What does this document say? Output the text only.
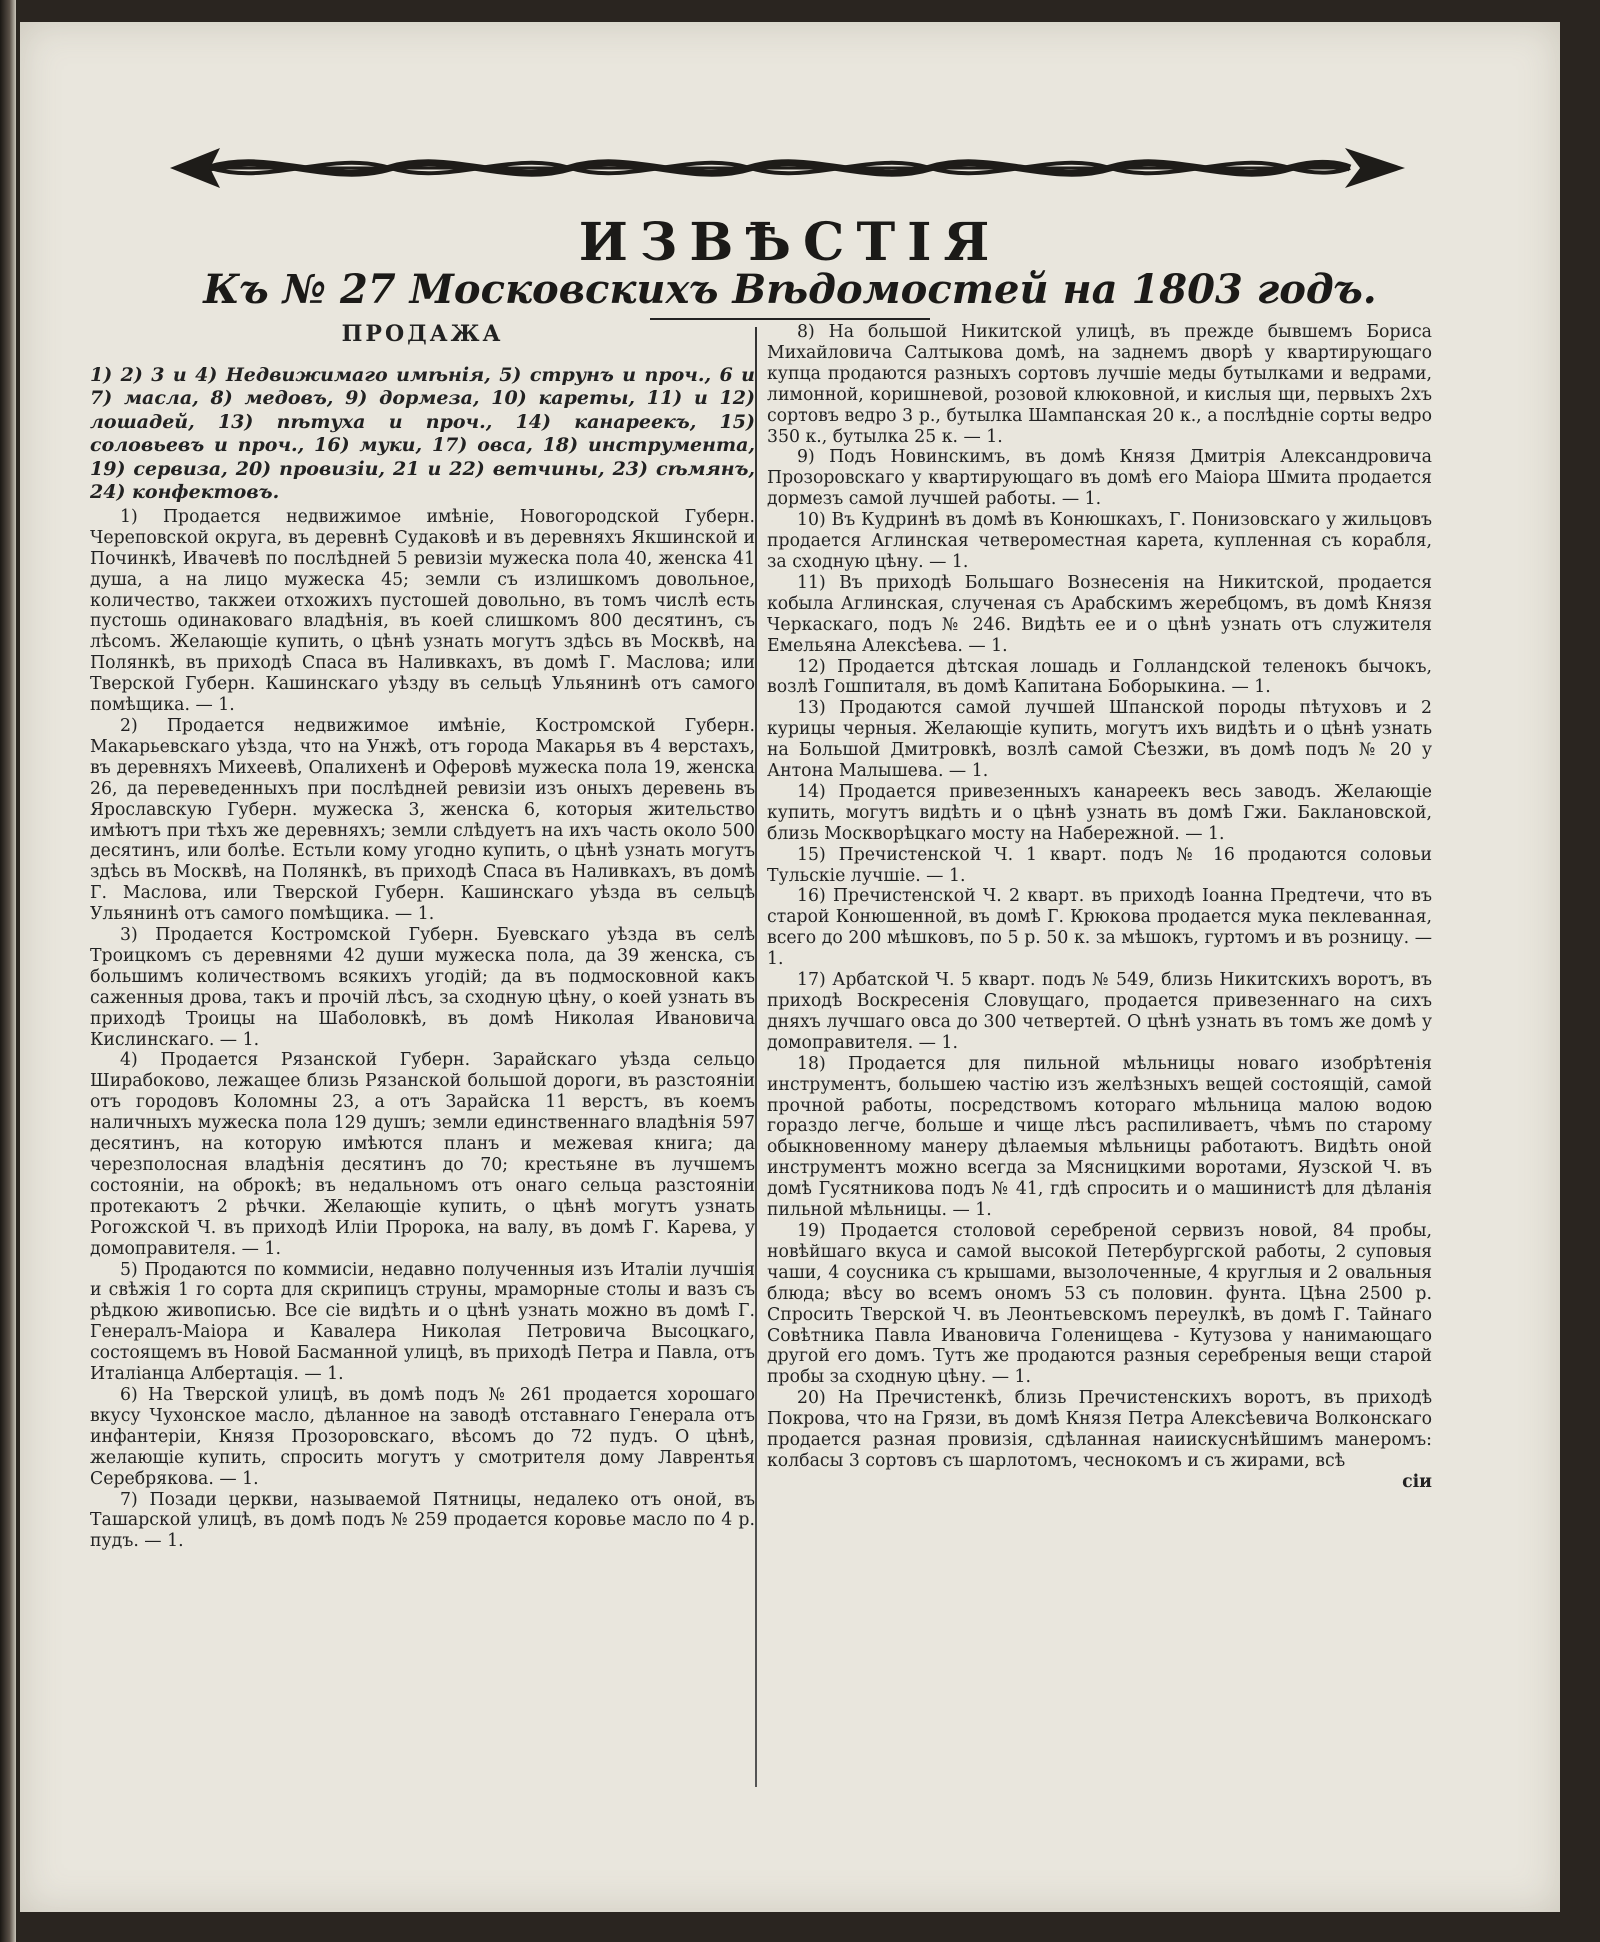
ИЗВѢСТІЯ
Къ № 27 Московскихъ Вѣдомостей на 1803 годъ.
ПРОДАЖА

1) 2) 3 и 4) Недвижимаго имѣнія, 5) струнъ и проч., 6 и 7) масла, 8) медовъ, 9) дормеза, 10) кареты, 11) и 12) лошадей, 13) пѣтуха и проч., 14) канареекъ, 15) соловьевъ и проч., 16) муки, 17) овса, 18) инструмента, 19) сервиза, 20) провизіи, 21 и 22) ветчины, 23) сѣмянъ, 24) конфектовъ.

1) Продается недвижимое имѣніе, Новогородской Губерн. Череповской округа, въ деревнѣ Судаковѣ и въ деревняхъ Якшинской и Починкѣ, Ивачевѣ по послѣдней 5 ревизіи мужеска пола 40, женска 41 душа, а на лицо мужеска 45; земли съ излишкомъ довольное, количество, такжеи отхожихъ пустошей довольно, въ томъ числѣ есть пустошь одинаковаго владѣнія, въ коей слишкомъ 800 десятинъ, съ лѣсомъ. Желающіе купить, о цѣнѣ узнать могутъ здѣсь въ Москвѣ, на Полянкѣ, въ приходѣ Спаса въ Наливкахъ, въ домѣ Г. Маслова; или Тверской Губерн. Кашинскаго уѣзду въ сельцѣ Ульянинѣ отъ самого помѣщика. — 1.

2) Продается недвижимое имѣніе, Костромской Губерн. Макарьевскаго уѣзда, что на Унжѣ, отъ города Макарья въ 4 верстахъ, въ деревняхъ Михеевѣ, Опалихенѣ и Оферовѣ мужеска пола 19, женска 26, да переведенныхъ при послѣдней ревизіи изъ оныхъ деревень въ Ярославскую Губерн. мужеска 3, женска 6, которыя жительство имѣютъ при тѣхъ же деревняхъ; земли слѣдуетъ на ихъ часть около 500 десятинъ, или болѣе. Естьли кому угодно купить, о цѣнѣ узнать могутъ здѣсь въ Москвѣ, на Полянкѣ, въ приходѣ Спаса въ Наливкахъ, въ домѣ Г. Маслова, или Тверской Губерн. Кашинскаго уѣзда въ сельцѣ Ульянинѣ отъ самого помѣщика. — 1.

3) Продается Костромской Губерн. Буевскаго уѣзда въ селѣ Троицкомъ съ деревнями 42 души мужеска пола, да 39 женска, съ большимъ количествомъ всякихъ угодій; да въ подмосковной какъ саженныя дрова, такъ и прочій лѣсъ, за сходную цѣну, о коей узнать въ приходѣ Троицы на Шаболовкѣ, въ домѣ Николая Ивановича Кислинскаго. — 1.

4) Продается Рязанской Губерн. Зарайскаго уѣзда сельцо Ширабоково, лежащее близь Рязанской большой дороги, въ разстояніи отъ городовъ Коломны 23, а отъ Зарайска 11 верстъ, въ коемъ наличныхъ мужеска пола 129 душъ; земли единственнаго владѣнія 597 десятинъ, на которую имѣются планъ и межевая книга; да черезполосная владѣнія десятинъ до 70; крестьяне въ лучшемъ состояніи, на оброкѣ; въ недальномъ отъ онаго сельца разстояніи протекаютъ 2 рѣчки. Желающіе купить, о цѣнѣ могутъ узнать Рогожской Ч. въ приходѣ Иліи Пророка, на валу, въ домѣ Г. Карева, у домоправителя. — 1.

5) Продаются по коммисіи, недавно полученныя изъ Италіи лучшія и свѣжія 1 го сорта для скрипицъ струны, мраморные столы и вазъ съ рѣдкою живописью. Все сіе видѣть и о цѣнѣ узнать можно въ домѣ Г. Генералъ-Маіора и Кавалера Николая Петровича Высоцкаго, состоящемъ въ Новой Басманной улицѣ, въ приходѣ Петра и Павла, отъ Италіанца Албертація. — 1.

6) На Тверской улицѣ, въ домѣ подъ № 261 продается хорошаго вкусу Чухонское масло, дѣланное на заводѣ отставнаго Генерала отъ инфантеріи, Князя Прозоровскаго, вѣсомъ до 72 пудъ. О цѣнѣ, желающіе купить, спросить могутъ у смотрителя дому Лаврентья Серебрякова. — 1.

7) Позади церкви, называемой Пятницы, недалеко отъ оной, въ Ташарской улицѣ, въ домѣ подъ № 259 продается коровье масло по 4 р. пудъ. — 1.

8) На большой Никитской улицѣ, въ прежде бывшемъ Бориса Михайловича Салтыкова домѣ, на заднемъ дворѣ у квартирующаго купца продаются разныхъ сортовъ лучшіе меды бутылками и ведрами, лимонной, коришневой, розовой клюковной, и кислыя щи, первыхъ 2хъ сортовъ ведро 3 р., бутылка Шампанская 20 к., а послѣдніе сорты ведро 350 к., бутылка 25 к. — 1.

9) Подъ Новинскимъ, въ домѣ Князя Дмитрія Александровича Прозоровскаго у квартирующаго въ домѣ его Маіора Шмита продается дормезъ самой лучшей работы. — 1.

10) Въ Кудринѣ въ домѣ въ Конюшкахъ, Г. Понизовскаго у жильцовъ продается Аглинская четвероместная карета, купленная съ корабля, за сходную цѣну. — 1.

11) Въ приходѣ Большаго Вознесенія на Никитской, продается кобыла Аглинская, слученая съ Арабскимъ жеребцомъ, въ домѣ Князя Черкаскаго, подъ № 246. Видѣть ее и о цѣнѣ узнать отъ служителя Емельяна Алексѣева. — 1.

12) Продается дѣтская лошадь и Голландской теленокъ бычокъ, возлѣ Гошпиталя, въ домѣ Капитана Боборыкина. — 1.

13) Продаются самой лучшей Шпанской породы пѣтуховъ и 2 курицы черныя. Желающіе купить, могутъ ихъ видѣть и о цѣнѣ узнать на Большой Дмитровкѣ, возлѣ самой Сѣезжи, въ домѣ подъ № 20 у Антона Малышева. — 1.

14) Продается привезенныхъ канареекъ весь заводъ. Желающіе купить, могутъ видѣть и о цѣнѣ узнать въ домѣ Гжи. Баклановской, близь Москворѣцкаго мосту на Набережной. — 1.

15) Пречистенской Ч. 1 кварт. подъ № 16 продаются соловьи Тульскіе лучшіе. — 1.

16) Пречистенской Ч. 2 кварт. въ приходѣ Іоанна Предтечи, что въ старой Конюшенной, въ домѣ Г. Крюкова продается мука пеклеванная, всего до 200 мѣшковъ, по 5 р. 50 к. за мѣшокъ, гуртомъ и въ розницу. — 1.

17) Арбатской Ч. 5 кварт. подъ № 549, близь Никитскихъ воротъ, въ приходѣ Воскресенія Словущаго, продается привезеннаго на сихъ дняхъ лучшаго овса до 300 четвертей. О цѣнѣ узнать въ томъ же домѣ у домоправителя. — 1.

18) Продается для пильной мѣльницы новаго изобрѣтенія инструментъ, большею частію изъ желѣзныхъ вещей состоящій, самой прочной работы, посредствомъ котораго мѣльница малою водою гораздо легче, больше и чище лѣсъ распиливаетъ, чѣмъ по старому обыкновенному манеру дѣлаемыя мѣльницы работаютъ. Видѣть оной инструментъ можно всегда за Мясницкими воротами, Яузской Ч. въ домѣ Гусятникова подъ № 41, гдѣ спросить и о машинистѣ для дѣланія пильной мѣльницы. — 1.

19) Продается столовой серебреной сервизъ новой, 84 пробы, новѣйшаго вкуса и самой высокой Петербургской работы, 2 суповыя чаши, 4 соусника съ крышами, вызолоченные, 4 круглыя и 2 овальныя блюда; вѣсу во всемъ ономъ 53 съ половин. фунта. Цѣна 2500 р. Спросить Тверской Ч. въ Леонтьевскомъ переулкѣ, въ домѣ Г. Тайнаго Совѣтника Павла Ивановича Голенищева - Кутузова у нанимающаго другой его домъ. Тутъ же продаются разныя серебреныя вещи старой пробы за сходную цѣну. — 1.

20) На Пречистенкѣ, близь Пречистенскихъ воротъ, въ приходѣ Покрова, что на Грязи, въ домѣ Князя Петра Алексѣевича Волконскаго продается разная провизія, сдѣланная наиискуснѣйшимъ манеромъ: колбасы 3 сортовъ съ шарлотомъ, чеснокомъ и съ жирами, всѣ

сіи
